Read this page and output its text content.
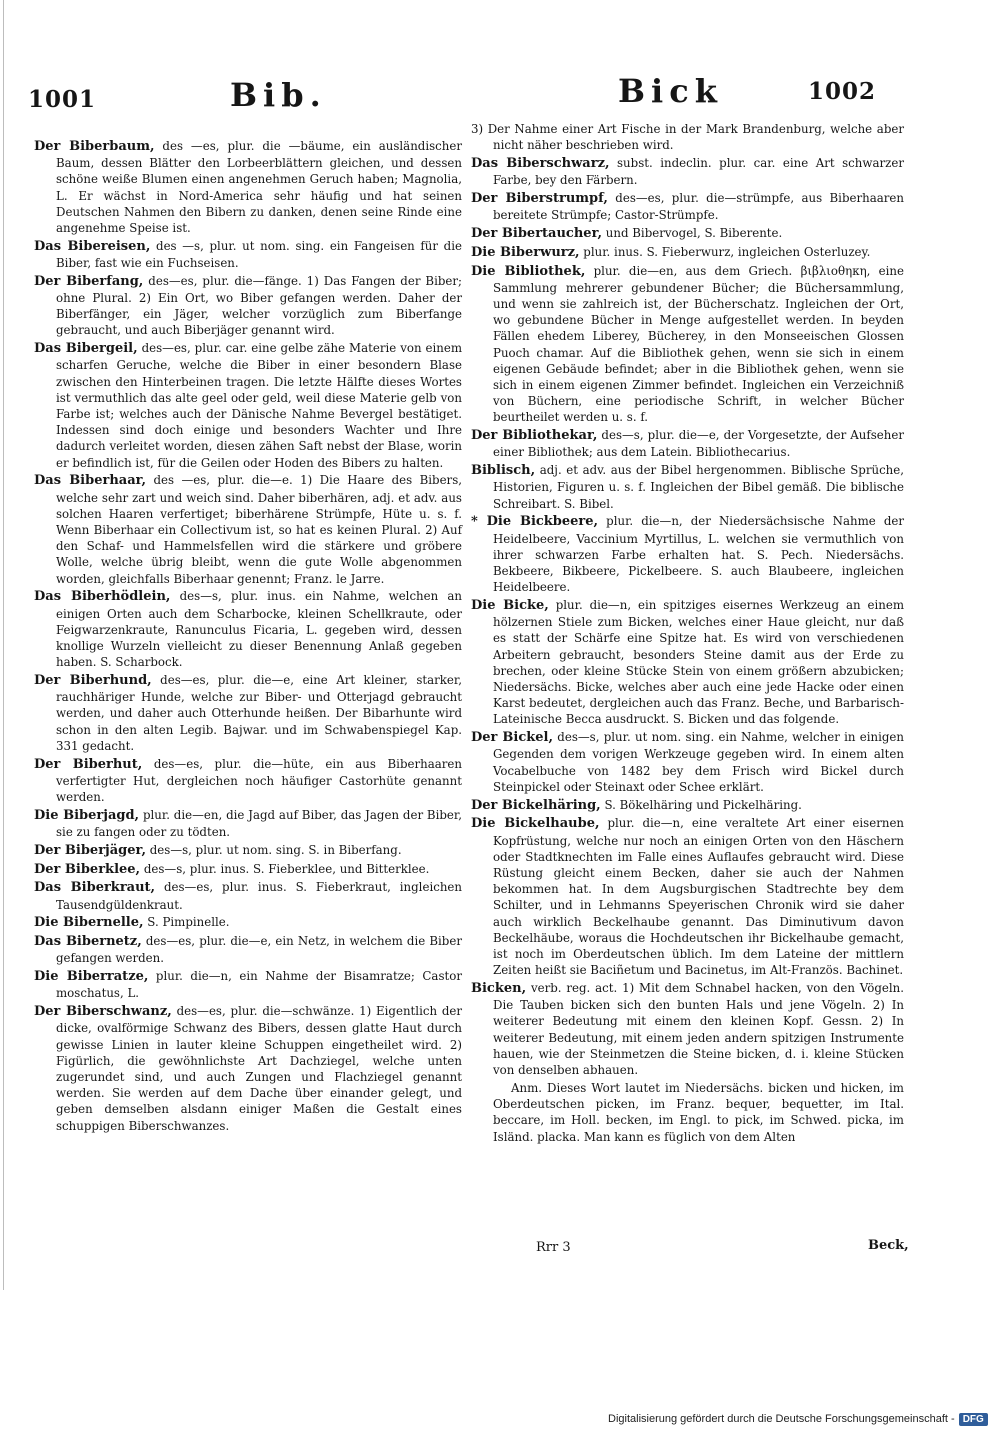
1001	Bib.	Bick	1002

Der Biberbaum, des —es, plur. die —bäume, ein ausländischer Baum, dessen Blätter den Lorbeerblättern gleichen, und dessen schöne weiße Blumen einen angenehmen Geruch haben; Magnolia, L. Er wächst in Nord-America sehr häufig und hat seinen Deutschen Nahmen den Bibern zu danken, denen seine Rinde eine angenehme Speise ist.

Das Bibereisen, des —s, plur. ut nom. sing. ein Fangeisen für die Biber, fast wie ein Fuchseisen.

Der Biberfang, des—es, plur. die—fänge. 1) Das Fangen der Biber; ohne Plural. 2) Ein Ort, wo Biber gefangen werden. Daher der Biberfänger, ein Jäger, welcher vorzüglich zum Biberfange gebraucht, und auch Biberjäger genannt wird.

Das Bibergeil, des—es, plur. car. eine gelbe zähe Materie von einem scharfen Geruche, welche die Biber in einer besondern Blase zwischen den Hinterbeinen tragen. Die letzte Hälfte dieses Wortes ist vermuthlich das alte geel oder geld, weil diese Materie gelb von Farbe ist; welches auch der Dänische Nahme Bevergel bestätiget. Indessen sind doch einige und besonders Wachter und Ihre dadurch verleitet worden, diesen zähen Saft nebst der Blase, worin er befindlich ist, für die Geilen oder Hoden des Bibers zu halten.

Das Biberhaar, des —es, plur. die—e. 1) Die Haare des Bibers, welche sehr zart und weich sind. Daher biberhären, adj. et adv. aus solchen Haaren verfertiget; biberhärene Strümpfe, Hüte u. s. f. Wenn Biberhaar ein Collectivum ist, so hat es keinen Plural. 2) Auf den Schaf- und Hammelsfellen wird die stärkere und gröbere Wolle, welche übrig bleibt, wenn die gute Wolle abgenommen worden, gleichfalls Biberhaar genennt; Franz. le Jarre.

Das Biberhödlein, des—s, plur. inus. ein Nahme, welchen an einigen Orten auch dem Scharbocke, kleinen Schellkraute, oder Feigwarzenkraute, Ranunculus Ficaria, L. gegeben wird, dessen knollige Wurzeln vielleicht zu dieser Benennung Anlaß gegeben haben. S. Scharbock.

Der Biberhund, des—es, plur. die—e, eine Art kleiner, starker, rauchhäriger Hunde, welche zur Biber- und Otterjagd gebraucht werden, und daher auch Otterhunde heißen. Der Bibarhunte wird schon in den alten Legib. Bajwar. und im Schwabenspiegel Kap. 331 gedacht.

Der Biberhut, des—es, plur. die—hüte, ein aus Biberhaaren verfertigter Hut, dergleichen noch häufiger Castorhüte genannt werden.

Die Biberjagd, plur. die—en, die Jagd auf Biber, das Jagen der Biber, sie zu fangen oder zu tödten.

Der Biberjäger, des—s, plur. ut nom. sing. S. in Biberfang.

Der Biberklee, des—s, plur. inus. S. Fieberklee, und Bitterklee.

Das Biberkraut, des—es, plur. inus. S. Fieberkraut, ingleichen Tausendgüldenkraut.

Die Bibernelle, S. Pimpinelle.

Das Bibernetz, des—es, plur. die—e, ein Netz, in welchem die Biber gefangen werden.

Die Biberratze, plur. die—n, ein Nahme der Bisamratze; Castor moschatus, L.

Der Biberschwanz, des—es, plur. die—schwänze. 1) Eigentlich der dicke, ovalförmige Schwanz des Bibers, dessen glatte Haut durch gewisse Linien in lauter kleine Schuppen eingetheilet wird. 2) Figürlich, die gewöhnlichste Art Dachziegel, welche unten zugerundet sind, und auch Zungen und Flachziegel genannt werden. Sie werden auf dem Dache über einander gelegt, und geben demselben alsdann einiger Maßen die Gestalt eines schuppigen Biberschwanzes.

3) Der Nahme einer Art Fische in der Mark Brandenburg, welche aber nicht näher beschrieben wird.

Das Biberschwarz, subst. indeclin. plur. car. eine Art schwarzer Farbe, bey den Färbern.

Der Biberstrumpf, des—es, plur. die—strümpfe, aus Biberhaaren bereitete Strümpfe; Castor-Strümpfe.

Der Bibertaucher, und Bibervogel, S. Biberente.

Die Biberwurz, plur. inus. S. Fieberwurz, ingleichen Osterluzey.

Die Bibliothek, plur. die—en, aus dem Griech. βιβλιοθηκη, eine Sammlung mehrerer gebundener Bücher; die Büchersammlung, und wenn sie zahlreich ist, der Bücherschatz. Ingleichen der Ort, wo gebundene Bücher in Menge aufgestellet werden. In beyden Fällen ehedem Liberey, Bücherey, in den Monseeischen Glossen Puoch chamar. Auf die Bibliothek gehen, wenn sie sich in einem eigenen Gebäude befindet; aber in die Bibliothek gehen, wenn sie sich in einem eigenen Zimmer befindet. Ingleichen ein Verzeichniß von Büchern, eine periodische Schrift, in welcher Bücher beurtheilet werden u. s. f.

Der Bibliothekar, des—s, plur. die—e, der Vorgesetzte, der Aufseher einer Bibliothek; aus dem Latein. Bibliothecarius.

Biblisch, adj. et adv. aus der Bibel hergenommen. Biblische Sprüche, Historien, Figuren u. s. f. Ingleichen der Bibel gemäß. Die biblische Schreibart. S. Bibel.

* Die Bickbeere, plur. die—n, der Niedersächsische Nahme der Heidelbeere, Vaccinium Myrtillus, L. welchen sie vermuthlich von ihrer schwarzen Farbe erhalten hat. S. Pech. Niedersächs. Bekbeere, Bikbeere, Pickelbeere. S. auch Blaubeere, ingleichen Heidelbeere.

Die Bicke, plur. die—n, ein spitziges eisernes Werkzeug an einem hölzernen Stiele zum Bicken, welches einer Haue gleicht, nur daß es statt der Schärfe eine Spitze hat. Es wird von verschiedenen Arbeitern gebraucht, besonders Steine damit aus der Erde zu brechen, oder kleine Stücke Stein von einem größern abzubicken; Niedersächs. Bicke, welches aber auch eine jede Hacke oder einen Karst bedeutet, dergleichen auch das Franz. Beche, und Barbarisch-Lateinische Becca ausdruckt. S. Bicken und das folgende.

Der Bickel, des—s, plur. ut nom. sing. ein Nahme, welcher in einigen Gegenden dem vorigen Werkzeuge gegeben wird. In einem alten Vocabelbuche von 1482 bey dem Frisch wird Bickel durch Steinpickel oder Steinaxt oder Schee erklärt.

Der Bickelhäring, S. Bökelhäring und Pickelhäring.

Die Bickelhaube, plur. die—n, eine veraltete Art einer eisernen Kopfrüstung, welche nur noch an einigen Orten von den Häschern oder Stadtknechten im Falle eines Auflaufes gebraucht wird. Diese Rüstung gleicht einem Becken, daher sie auch der Nahmen bekommen hat. In dem Augsburgischen Stadtrechte bey dem Schilter, und in Lehmanns Speyerischen Chronik wird sie daher auch wirklich Beckelhaube genannt. Das Diminutivum davon Beckelhäube, woraus die Hochdeutschen ihr Bickelhaube gemacht, ist noch im Oberdeutschen üblich. Im dem Lateine der mittlern Zeiten heißt sie Baciñetum und Bacinetus, im Alt-Französ. Bachinet.

Bicken, verb. reg. act. 1) Mit dem Schnabel hacken, von den Vögeln. Die Tauben bicken sich den bunten Hals und jene Vögeln. 2) In weiterer Bedeutung mit einem den kleinen Kopf. Gessn. 2) In weiterer Bedeutung, mit einem jeden andern spitzigen Instrumente hauen, wie der Steinmetzen die Steine bicken, d. i. kleine Stücken von denselben abhauen.

Anm. Dieses Wort lautet im Niedersächs. bicken und hicken, im Oberdeutschen picken, im Franz. bequer, bequetter, im Ital. beccare, im Holl. becken, im Engl. to pick, im Schwed. picka, im Isländ. placka. Man kann es füglich von dem Alten

Rrr 3	Beck,
Digitalisierung gefördert durch die Deutsche Forschungsgemeinschaft - DFG
